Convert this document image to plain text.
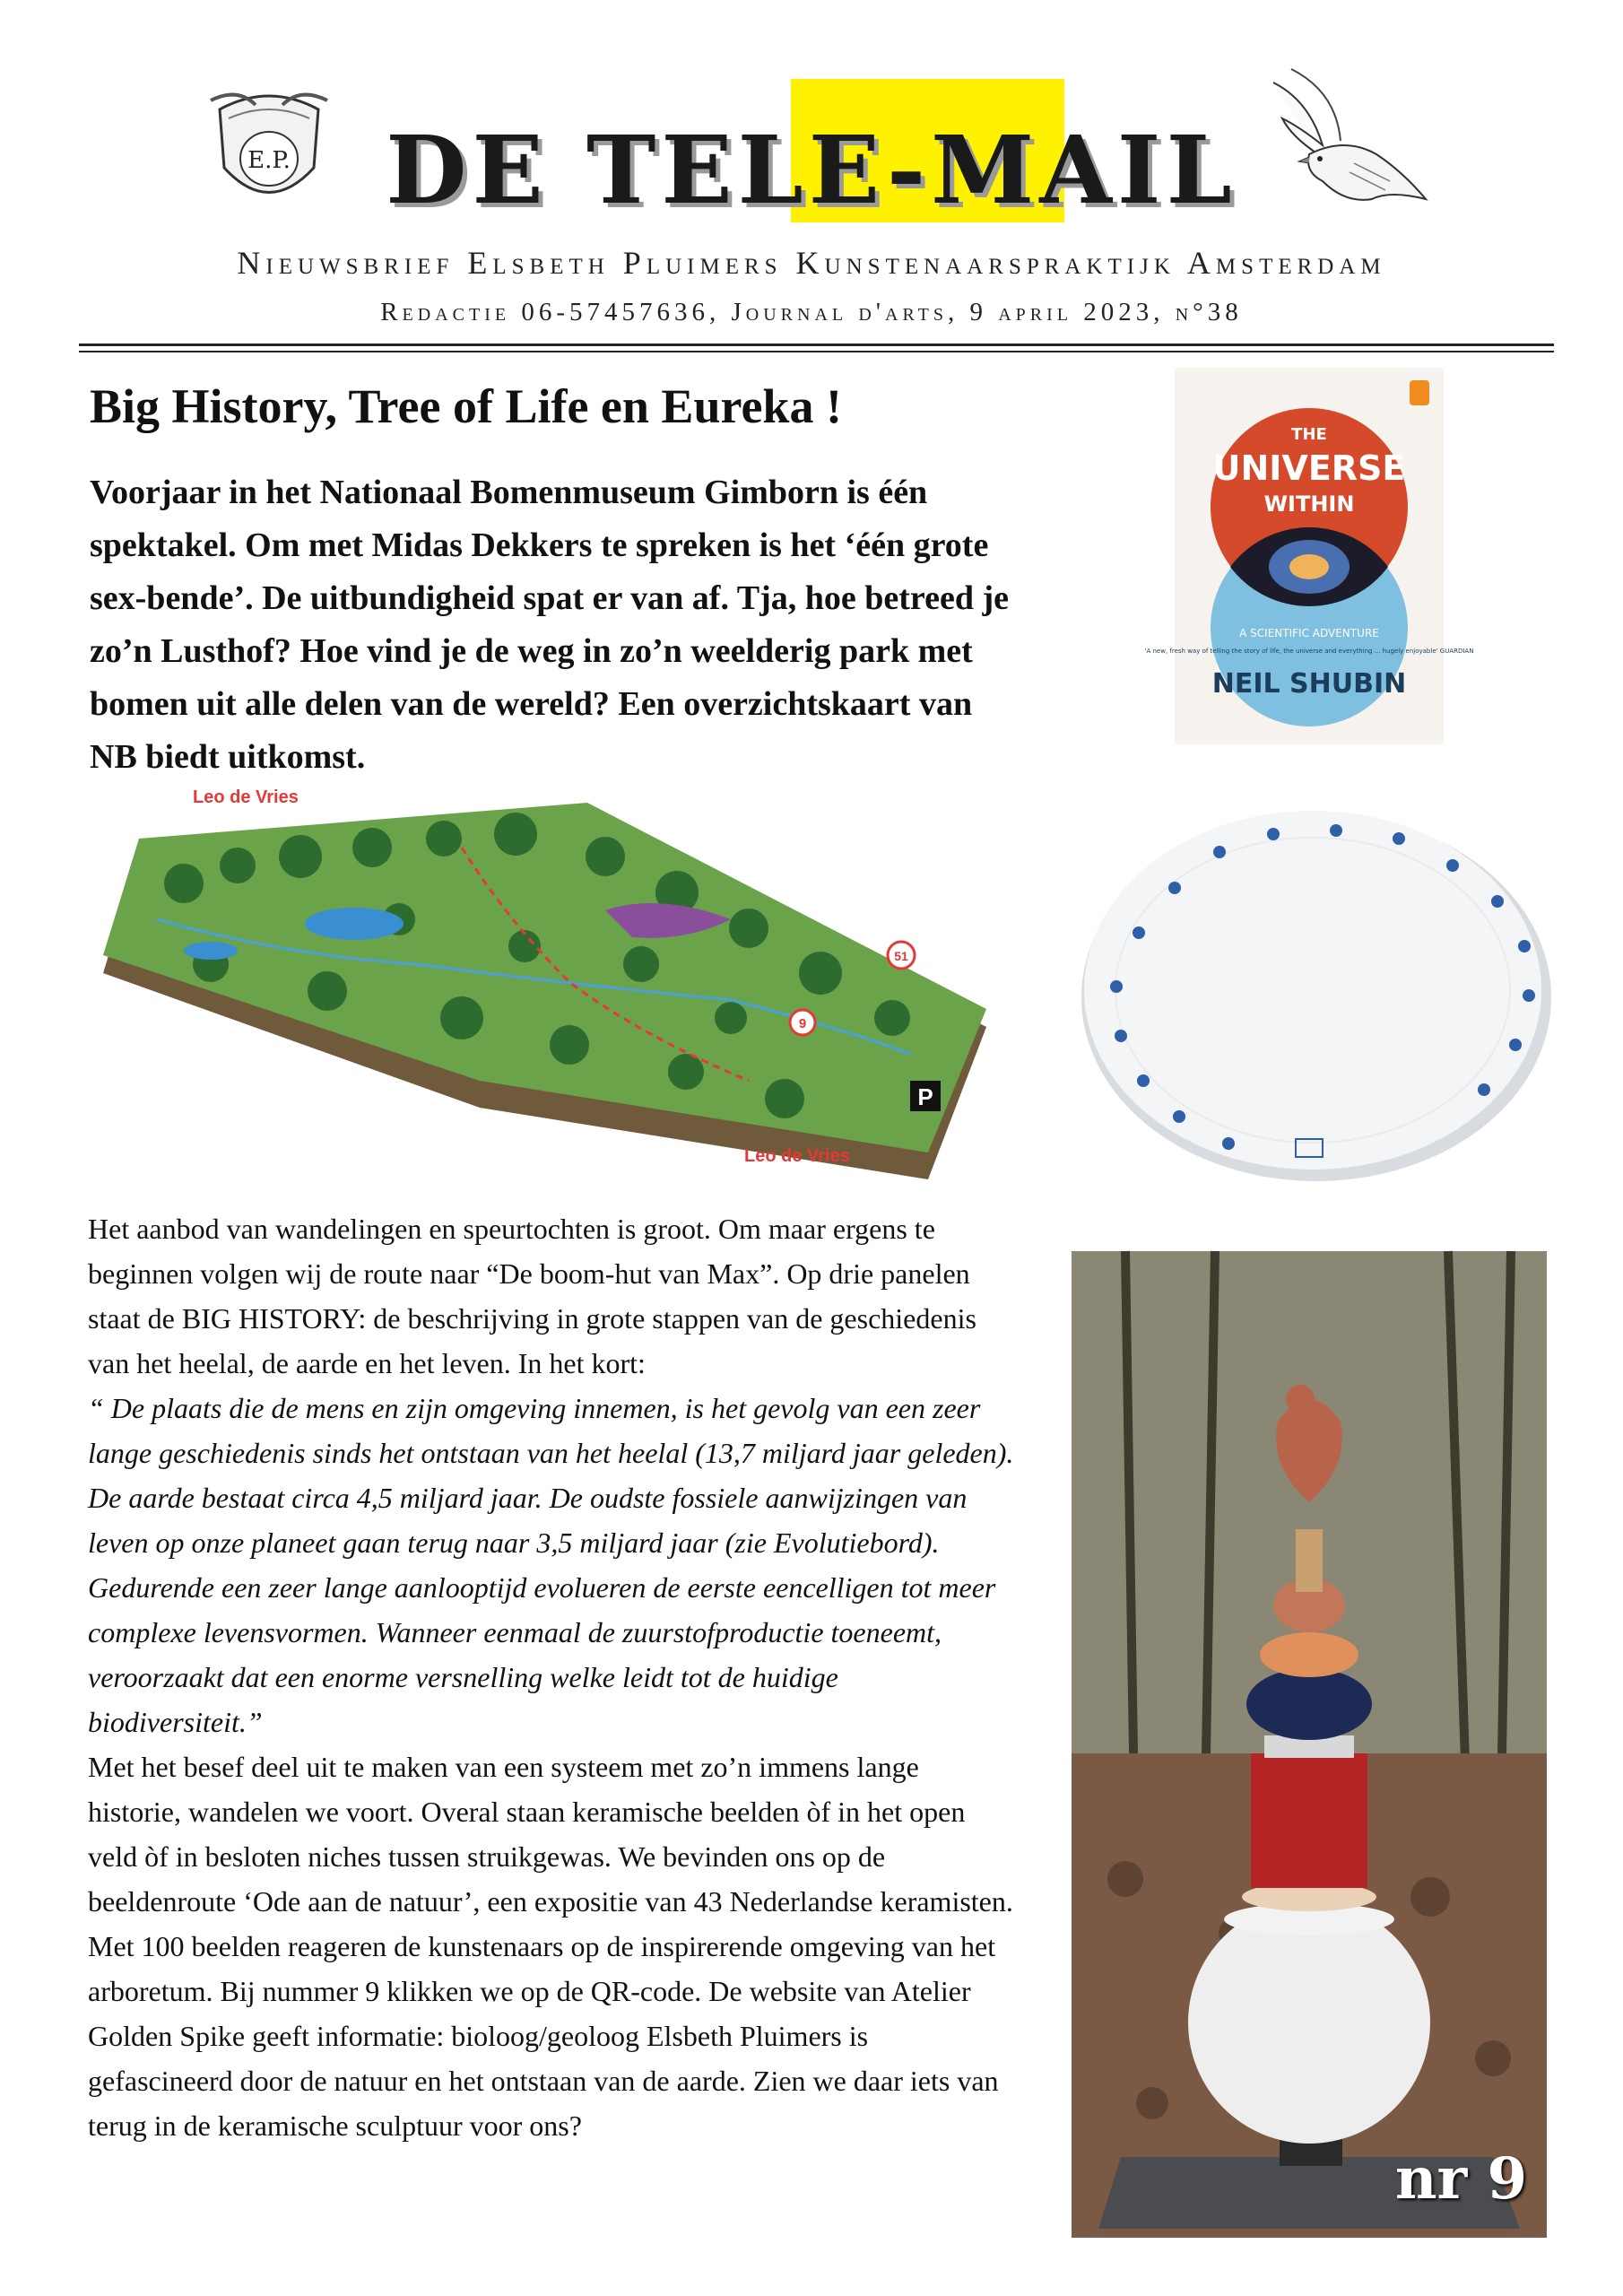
E.P. DE TELE-MAIL
Nieuwsbrief Elsbeth Pluimers Kunstenaarspraktijk Amsterdam
Redactie 06-57457636, Journal d'arts, 9 april 2023, n°38
Big History, Tree of Life en Eureka !

Voorjaar in het Nationaal Bomenmuseum Gimborn is één spektakel. Om met Midas Dekkers te spreken is het ‘één grote sex-bende’. De uitbundigheid spat er van af. Tja, hoe betreed je zo’n Lusthof? Hoe vind je de weg in zo’n weelderig park met bomen uit alle delen van de wereld? Een overzichtskaart van NB biedt uitkomst.

THE
UNIVERSE
WITHIN
A SCIENTIFIC ADVENTURE
'A new, fresh way of telling the story of life, the universe and everything ... hugely enjoyable' GUARDIAN
NEIL SHUBIN
Leo de Vries
Leo de Vries
51
9
P

Het aanbod van wandelingen en speurtochten is groot. Om maar ergens te beginnen volgen wij de route naar “De boom-hut van Max”. Op drie panelen staat de BIG HISTORY: de beschrijving in grote stappen van de geschiedenis van het heelal, de aarde en het leven. In het kort:

“ De plaats die de mens en zijn omgeving innemen, is het gevolg van een zeer lange geschiedenis sinds het ontstaan van het heelal (13,7 miljard jaar geleden). De aarde bestaat circa 4,5 miljard jaar. De oudste fossiele aanwijzingen van leven op onze planeet gaan terug naar 3,5 miljard jaar (zie Evolutiebord). Gedurende een zeer lange aanlooptijd evolueren de eerste eencelligen tot meer complexe levensvormen. Wanneer eenmaal de zuurstofproductie toeneemt, veroorzaakt dat een enorme versnelling welke leidt tot de huidige biodiversiteit.”

Met het besef deel uit te maken van een systeem met zo’n immens lange historie, wandelen we voort. Overal staan keramische beelden òf in het open veld òf in besloten niches tussen struikgewas. We bevinden ons op de beeldenroute ‘Ode aan de natuur’, een expositie van 43 Nederlandse keramisten. Met 100 beelden reageren de kunstenaars op de inspirerende omgeving van het arboretum. Bij nummer 9 klikken we op de QR-code. De website van Atelier Golden Spike geeft informatie: bioloog/geoloog Elsbeth Pluimers is gefascineerd door de natuur en het ontstaan van de aarde. Zien we daar iets van terug in de keramische sculptuur voor ons?

nr 9
